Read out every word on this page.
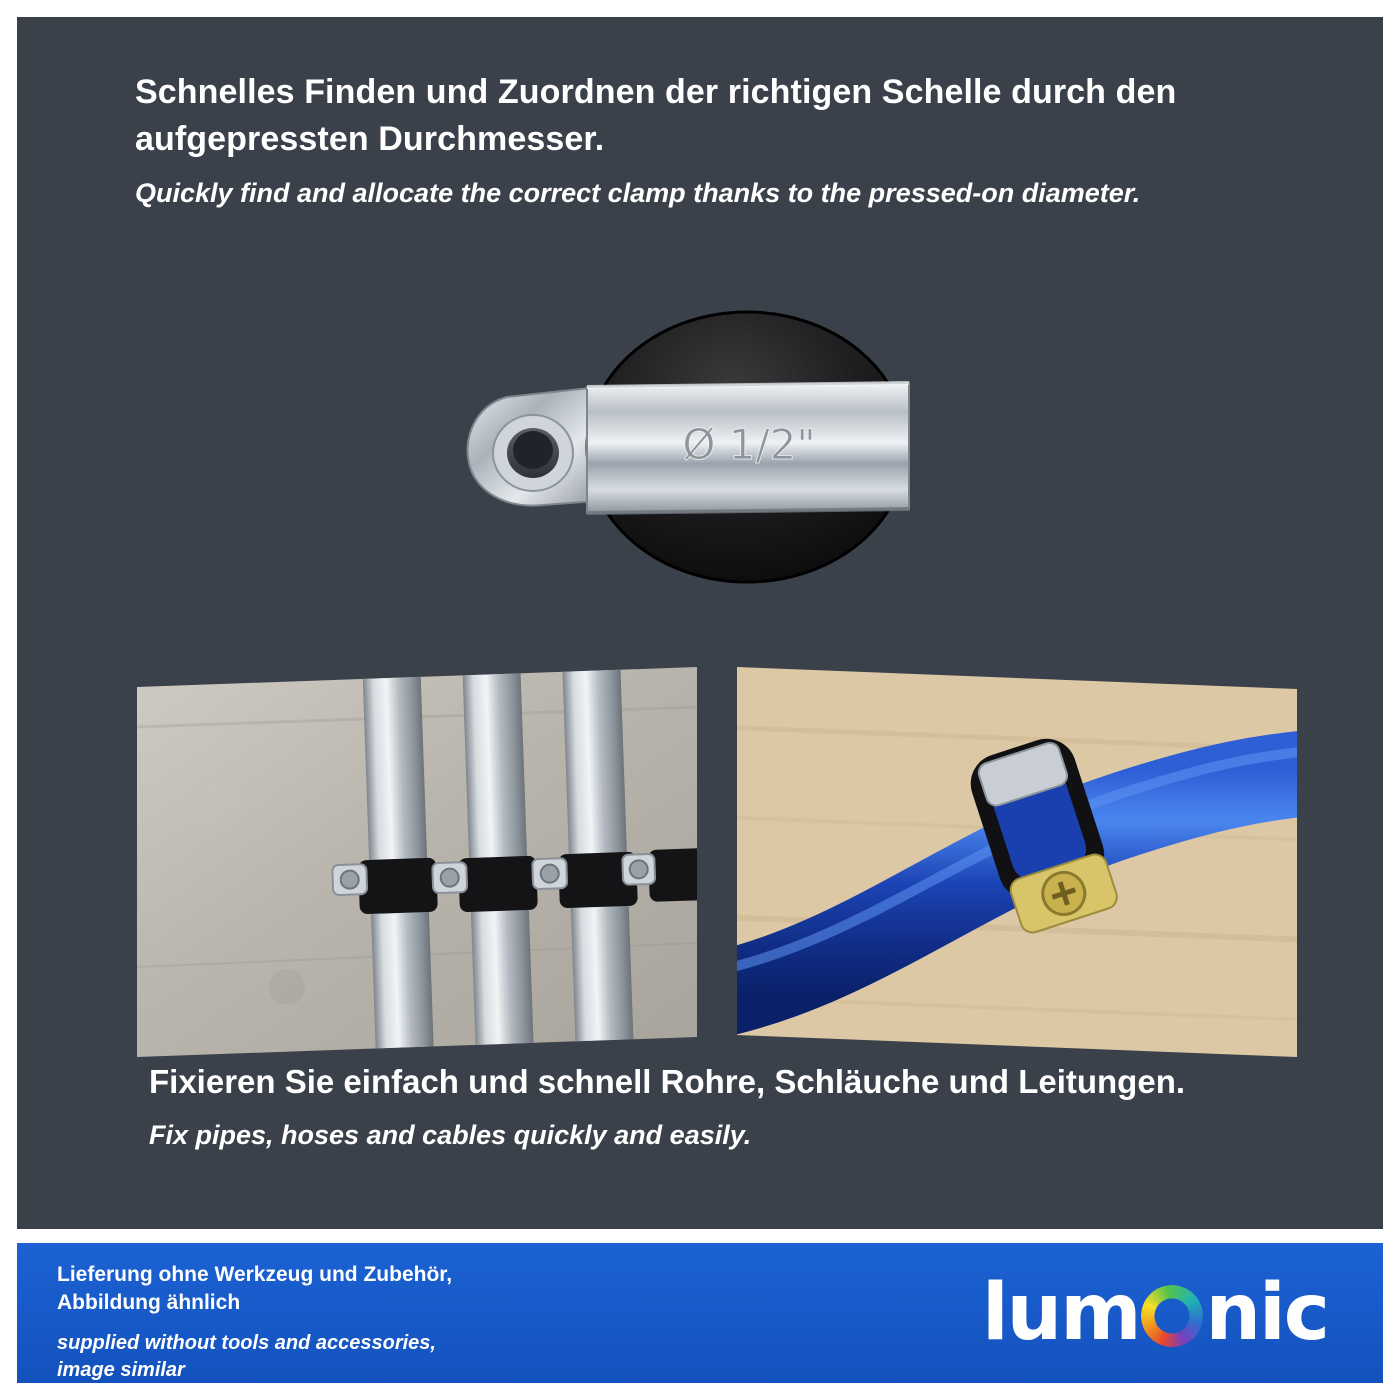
Schnelles Finden und Zuordnen der richtigen Schelle durch den aufgepressten Durchmesser.
Quickly find and allocate the correct clamp thanks to the pressed-on diameter.
Ø 1/2"
Fixieren Sie einfach und schnell Rohre, Schläuche und Leitungen.
Fix pipes, hoses and cables quickly and easily.
Lieferung ohne Werkzeug und Zubehör,
Abbildung ähnlich
supplied without tools and accessories,
image similar
lum nic
